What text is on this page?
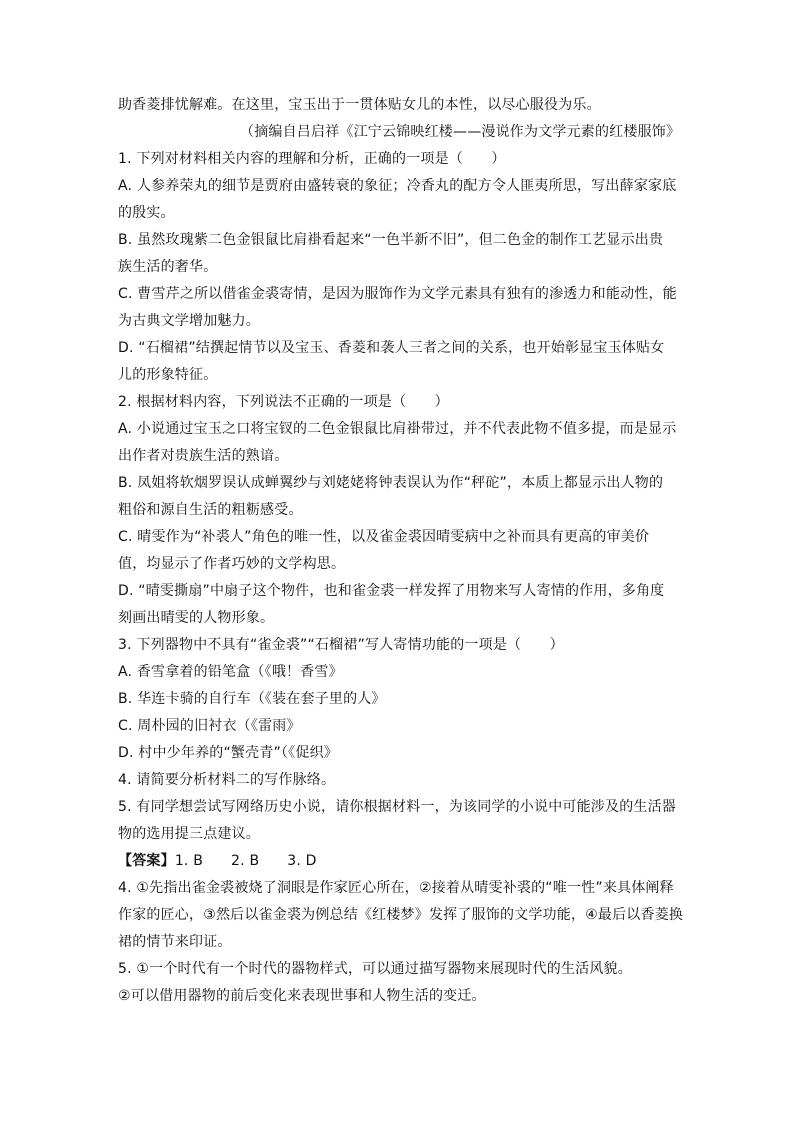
助香菱排忧解难。在这里，宝玉出于一贯体贴女儿的本性，以尽心服役为乐。
（摘编自吕启祥《江宁云锦映红楼——漫说作为文学元素的红楼服饰》
1. 下列对材料相关内容的理解和分析，正确的一项是（　　）
A. 人参养荣丸的细节是贾府由盛转衰的象征；冷香丸的配方令人匪夷所思，写出薛家家底
的殷实。
B. 虽然玫瑰紫二色金银鼠比肩褂看起来“一色半新不旧”，但二色金的制作工艺显示出贵
族生活的奢华。
C. 曹雪芹之所以借雀金裘寄情，是因为服饰作为文学元素具有独有的渗透力和能动性，能
为古典文学增加魅力。
D. “石榴裙”结撰起情节以及宝玉、香菱和袭人三者之间的关系，也开始彰显宝玉体贴女
儿的形象特征。
2. 根据材料内容，下列说法不正确的一项是（　　）
A. 小说通过宝玉之口将宝钗的二色金银鼠比肩褂带过，并不代表此物不值多提，而是显示
出作者对贵族生活的熟谙。
B. 凤姐将软烟罗误认成蝉翼纱与刘姥姥将钟表误认为作“秤砣”，本质上都显示出人物的
粗俗和源自生活的粗粝感受。
C. 晴雯作为“补裘人”角色的唯一性，以及雀金裘因晴雯病中之补而具有更高的审美价
值，均显示了作者巧妙的文学构思。
D. “晴雯撕扇”中扇子这个物件，也和雀金裘一样发挥了用物来写人寄情的作用，多角度
刻画出晴雯的人物形象。
3. 下列器物中不具有“雀金裘”“石榴裙”写人寄情功能的一项是（　　）
A. 香雪拿着的铅笔盒（《哦！香雪》
B. 华连卡骑的自行车（《装在套子里的人》
C. 周朴园的旧衬衣（《雷雨》
D. 村中少年养的“蟹壳青”（《促织》
4. 请简要分析材料二的写作脉络。
5. 有同学想尝试写网络历史小说，请你根据材料一，为该同学的小说中可能涉及的生活器
物的选用提三点建议。
【答案】1. B 2. B 3. D
4. ①先指出雀金裘被烧了洞眼是作家匠心所在，②接着从晴雯补裘的“唯一性”来具体阐释
作家的匠心，③然后以雀金裘为例总结《红楼梦》发挥了服饰的文学功能，④最后以香菱换
裙的情节来印证。
5. ①一个时代有一个时代的器物样式，可以通过描写器物来展现时代的生活风貌。
②可以借用器物的前后变化来表现世事和人物生活的变迁。
